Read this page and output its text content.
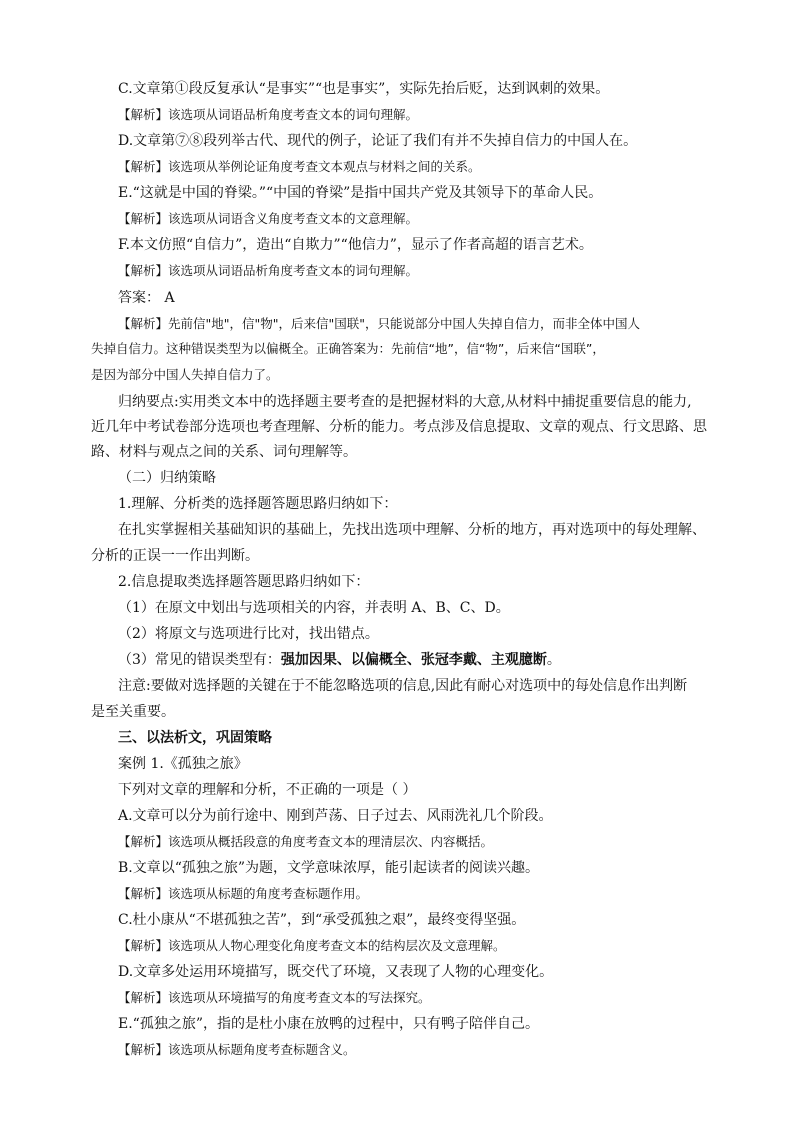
C.文章第①段反复承认“是事实”“也是事实”，实际先抬后贬，达到讽刺的效果。
【解析】该选项从词语品析角度考查文本的词句理解。
D.文章第⑦⑧段列举古代、现代的例子，论证了我们有并不失掉自信力的中国人在。
【解析】该选项从举例论证角度考查文本观点与材料之间的关系。
E.“这就是中国的脊梁。”“中国的脊梁”是指中国共产党及其领导下的革命人民。
【解析】该选项从词语含义角度考查文本的文意理解。
F.本文仿照“自信力”，造出“自欺力”“他信力”，显示了作者高超的语言艺术。
【解析】该选项从词语品析角度考查文本的词句理解。
答案： A
【解析】先前信"地"，信"物"，后来信"国联"，只能说部分中国人失掉自信力，而非全体中国人
失掉自信力。这种错误类型为以偏概全。正确答案为：先前信“地”，信“物”，后来信“国联”，
是因为部分中国人失掉自信力了。
归纳要点:实用类文本中的选择题主要考查的是把握材料的大意,从材料中捕捉重要信息的能力,
近几年中考试卷部分选项也考查理解、分析的能力。考点涉及信息提取、文章的观点、行文思路、思
路、材料与观点之间的关系、词句理解等。
（二）归纳策略
1.理解、分析类的选择题答题思路归纳如下：
在扎实掌握相关基础知识的基础上，先找出选项中理解、分析的地方，再对选项中的每处理解、
分析的正误一一作出判断。
2.信息提取类选择题答题思路归纳如下：
（1）在原文中划出与选项相关的内容，并表明 A、B、C、D。
（2）将原文与选项进行比对，找出错点。
（3）常见的错误类型有：强加因果、以偏概全、张冠李戴、主观臆断。
注意:要做对选择题的关键在于不能忽略选项的信息,因此有耐心对选项中的每处信息作出判断
是至关重要。
三、以法析文，巩固策略
案例 1.《孤独之旅》
下列对文章的理解和分析，不正确的一项是（ ）
A.文章可以分为前行途中、刚到芦荡、日子过去、风雨洗礼几个阶段。
【解析】该选项从概括段意的角度考查文本的理清层次、内容概括。
B.文章以“孤独之旅”为题，文学意味浓厚，能引起读者的阅读兴趣。
【解析】该选项从标题的角度考查标题作用。
C.杜小康从“不堪孤独之苦”，到“承受孤独之艰”，最终变得坚强。
【解析】该选项从人物心理变化角度考查文本的结构层次及文意理解。
D.文章多处运用环境描写，既交代了环境，又表现了人物的心理变化。
【解析】该选项从环境描写的角度考查文本的写法探究。
E.“孤独之旅”，指的是杜小康在放鸭的过程中，只有鸭子陪伴自己。
【解析】该选项从标题角度考查标题含义。
